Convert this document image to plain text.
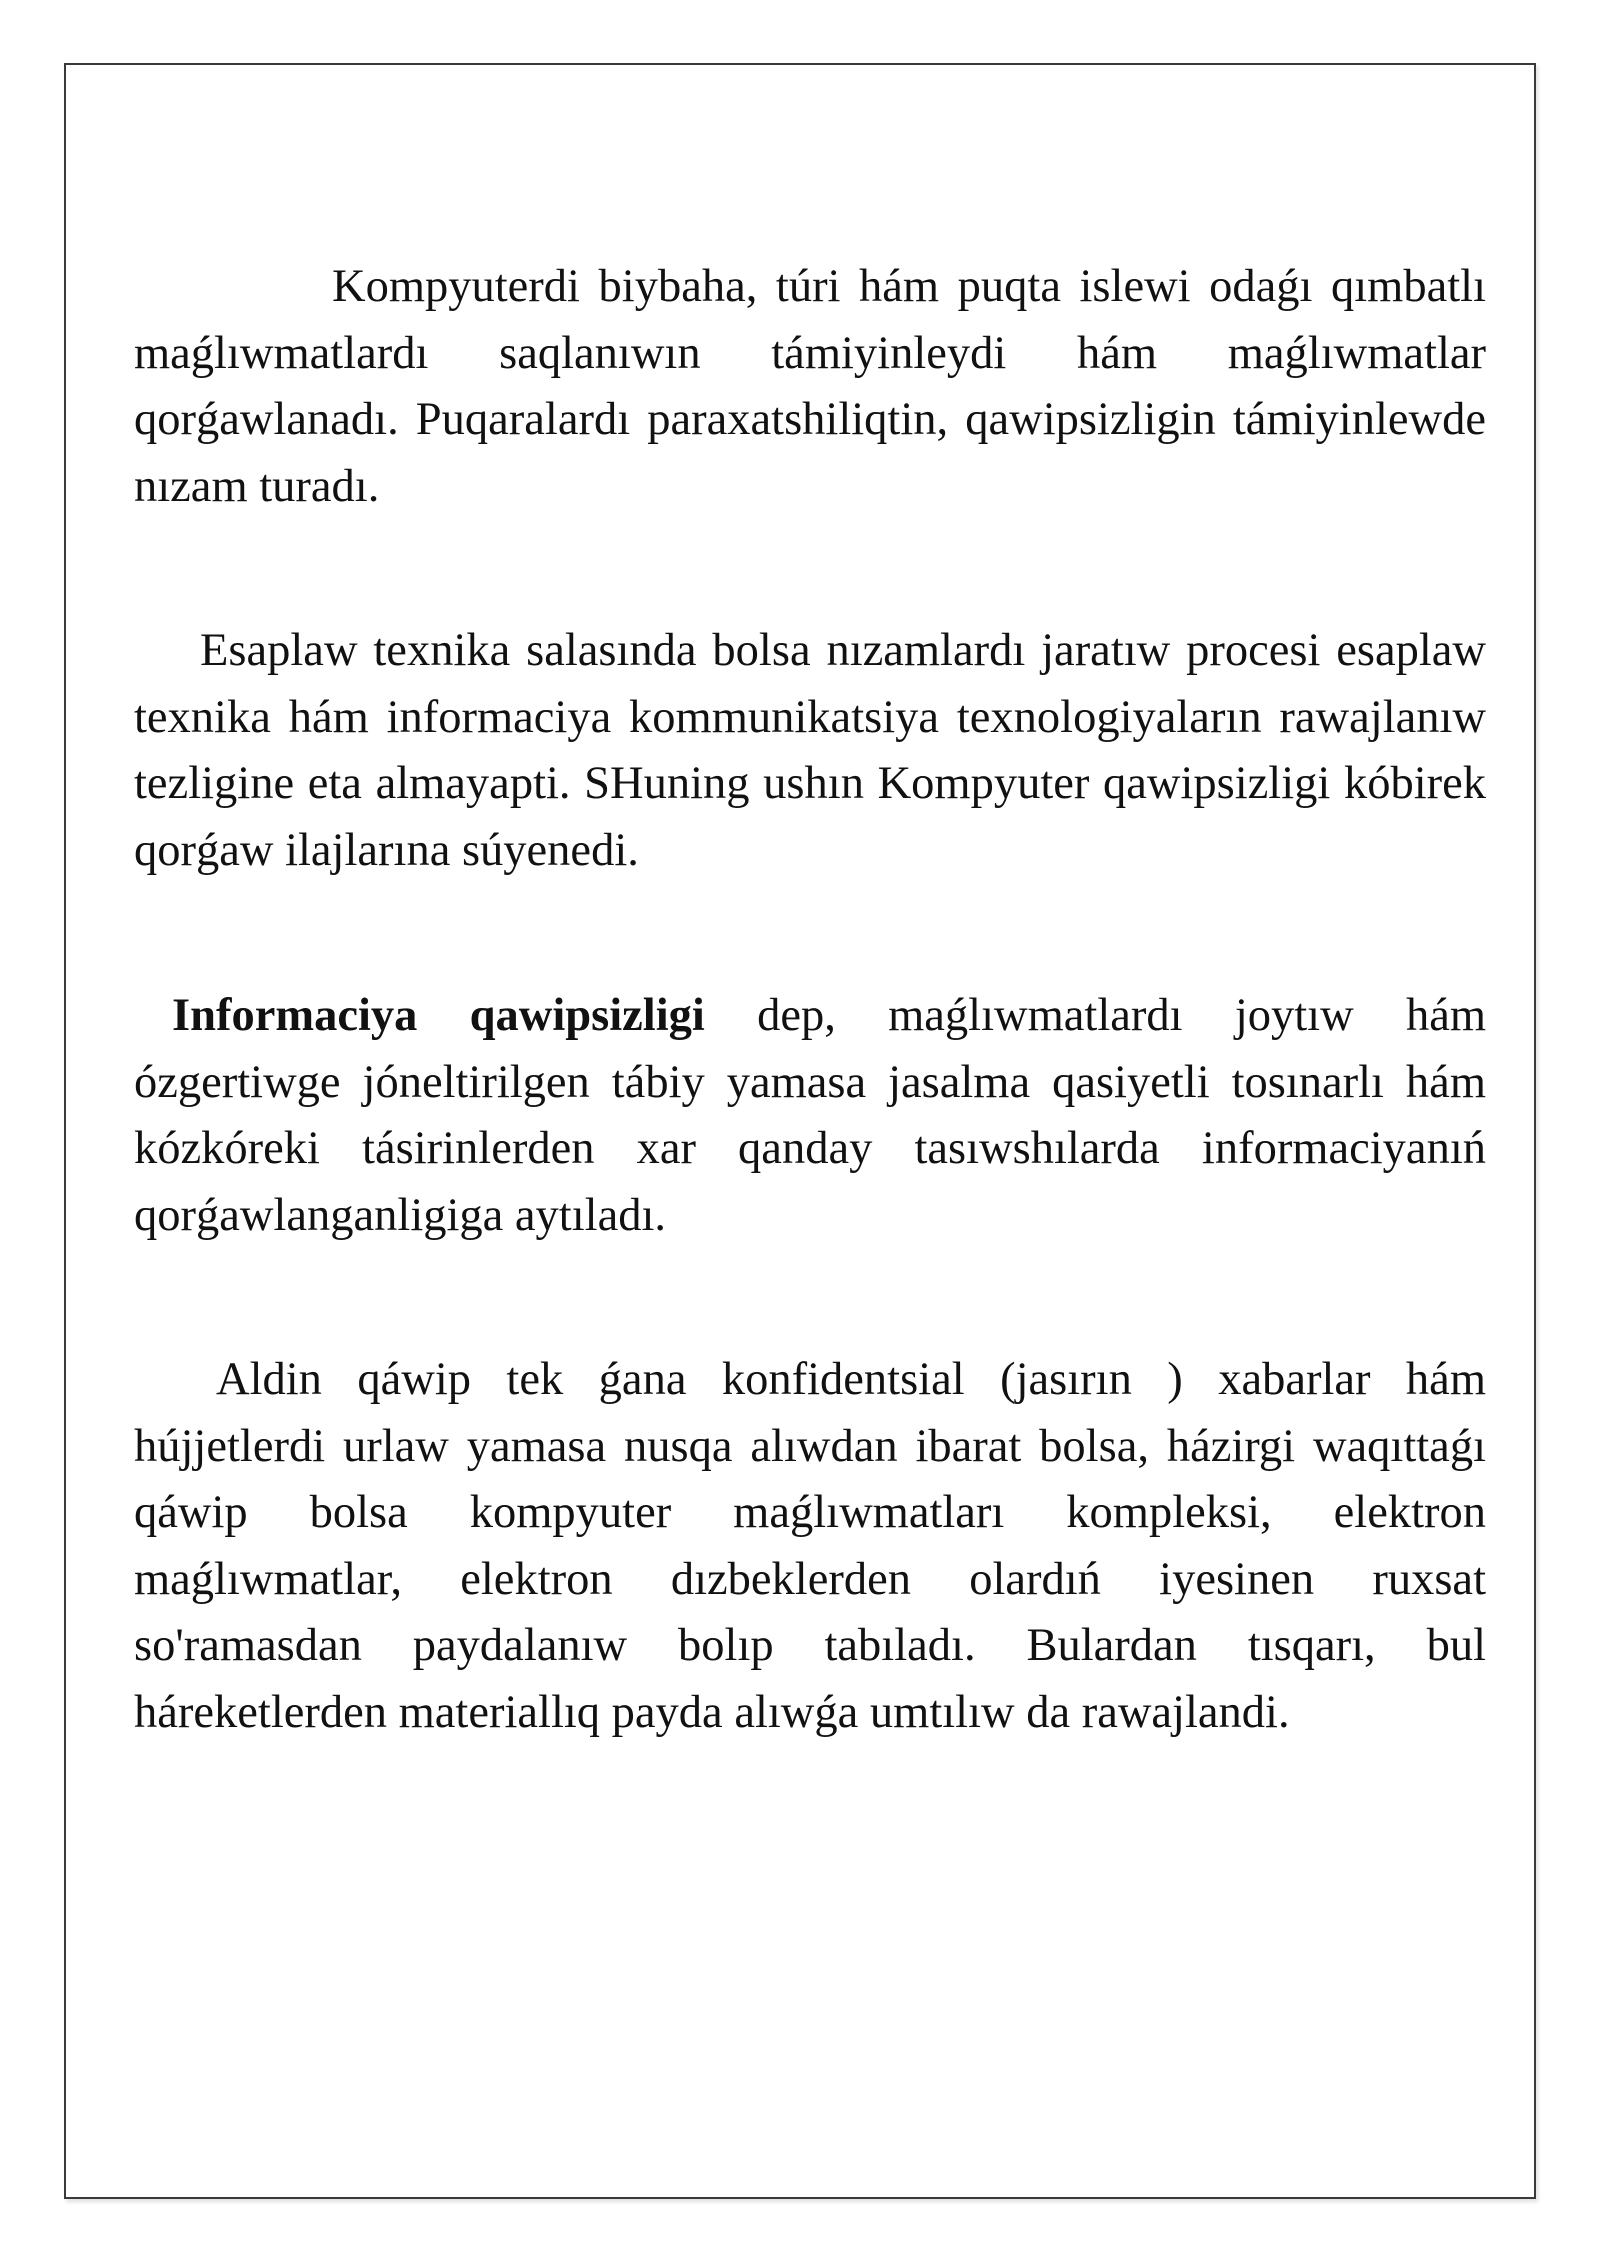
Kompyuterdi biybaha, túri hám puqta islewi odaǵı qımbatlı maǵlıwmatlardı saqlanıwın támiyinleydi hám maǵlıwmatlar qorǵawlanadı. Puqaralardı paraxatshiliqtin, qawipsizligin támiyinlewde nızam turadı.

Esaplaw texnika salasında bolsa nızamlardı jaratıw procesi esaplaw texnika hám informaciya kommunikatsiya texnologiyaların rawajlanıw tezligine eta almayapti. SHuning ushın Kompyuter qawipsizligi kóbirek qorǵaw ilajlarına súyenedi.

Informaciya qawipsizligi dep, maǵlıwmatlardı joytıw hám ózgertiwge jóneltirilgen tábiy yamasa jasalma qasiyetli tosınarlı hám kózkóreki tásirinlerden xar qanday tasıwshılarda informaciyanıń qorǵawlanganligiga aytıladı.

Aldin qáwip tek ǵana konfidentsial (jasırın ) xabarlar hám hújjetlerdi urlaw yamasa nusqa alıwdan ibarat bolsa, házirgi waqıttaǵı qáwip bolsa kompyuter maǵlıwmatları kompleksi, elektron maǵlıwmatlar, elektron dızbeklerden olardıń iyesinen ruxsat so'ramasdan paydalanıw bolıp tabıladı. Bulardan tısqarı, bul háreketlerden materiallıq payda alıwǵa umtılıw da rawajlandi.
